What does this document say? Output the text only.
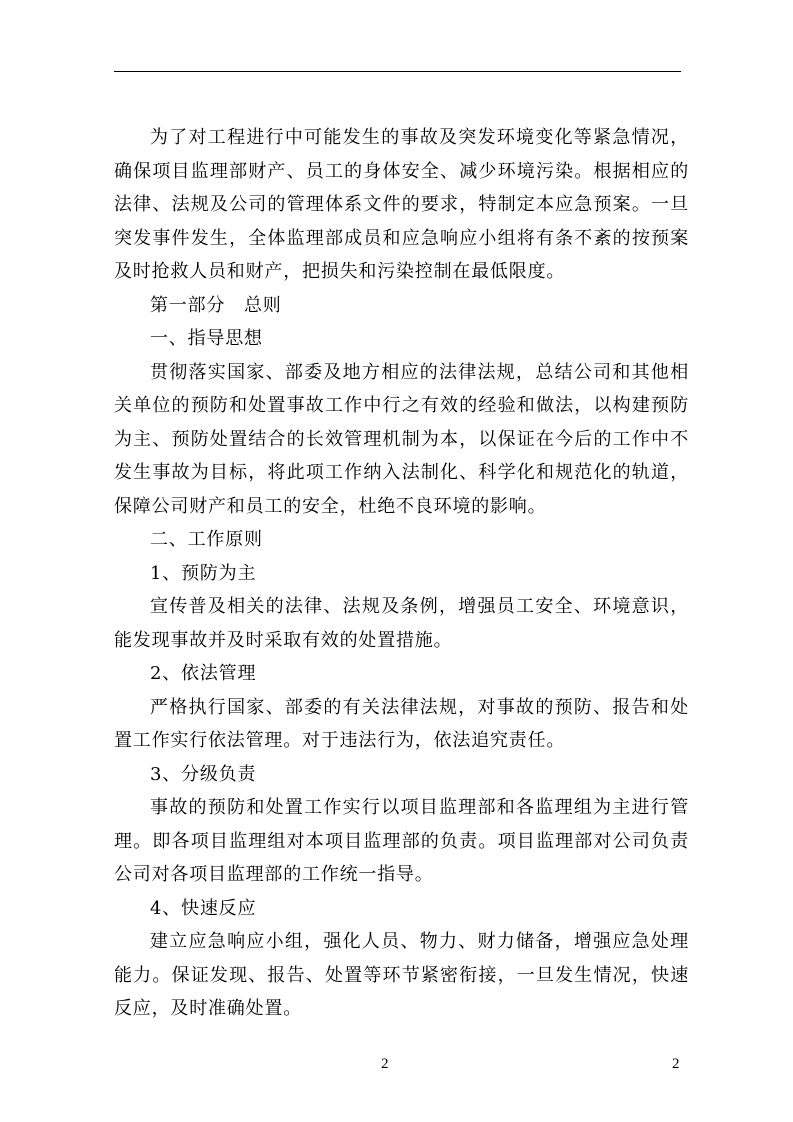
为了对工程进行中可能发生的事故及突发环境变化等紧急情况，确保项目监理部财产、员工的身体安全、减少环境污染。根据相应的法律、法规及公司的管理体系文件的要求，特制定本应急预案。一旦突发事件发生，全体监理部成员和应急响应小组将有条不紊的按预案及时抢救人员和财产，把损失和污染控制在最低限度。

第一部分　总则

一、指导思想

贯彻落实国家、部委及地方相应的法律法规，总结公司和其他相关单位的预防和处置事故工作中行之有效的经验和做法，以构建预防为主、预防处置结合的长效管理机制为本，以保证在今后的工作中不发生事故为目标，将此项工作纳入法制化、科学化和规范化的轨道，保障公司财产和员工的安全，杜绝不良环境的影响。

二、工作原则

1、预防为主

宣传普及相关的法律、法规及条例，增强员工安全、环境意识，能发现事故并及时采取有效的处置措施。

2、依法管理

严格执行国家、部委的有关法律法规，对事故的预防、报告和处置工作实行依法管理。对于违法行为，依法追究责任。

3、分级负责

事故的预防和处置工作实行以项目监理部和各监理组为主进行管理。即各项目监理组对本项目监理部的负责。项目监理部对公司负责公司对各项目监理部的工作统一指导。

4、快速反应

建立应急响应小组，强化人员、物力、财力储备，增强应急处理能力。保证发现、报告、处置等环节紧密衔接，一旦发生情况，快速反应，及时准确处置。

2	2
